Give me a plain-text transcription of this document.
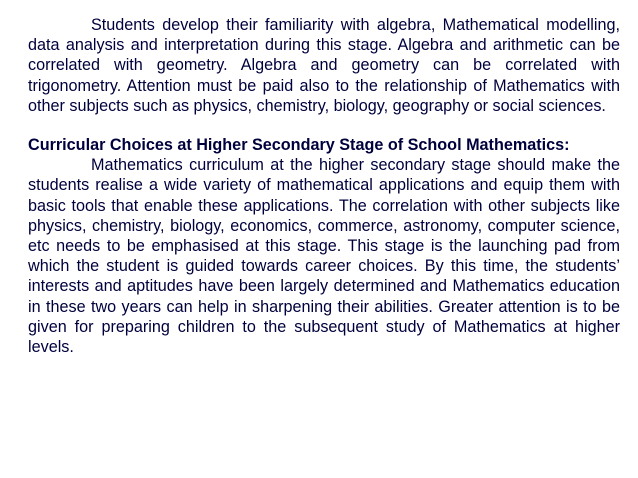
Students develop their familiarity with algebra, Mathematical modelling, data analysis and interpretation during this stage. Algebra and arithmetic can be correlated with geometry. Algebra and geometry can be correlated with trigonometry. Attention must be paid also to the relationship of Mathematics with other subjects such as physics, chemistry, biology, geography or social sciences.

Curricular Choices at Higher Secondary Stage of School Mathematics:

Mathematics curriculum at the higher secondary stage should make the students realise a wide variety of mathematical applications and equip them with basic tools that enable these applications. The correlation with other subjects like physics, chemistry, biology, economics, commerce, astronomy, computer science, etc needs to be emphasised at this stage. This stage is the launching pad from which the student is guided towards career choices. By this time, the students’ interests and aptitudes have been largely determined and Mathematics education in these two years can help in sharpening their abilities. Greater attention is to be given for preparing children to the subsequent study of Mathematics at higher levels.
